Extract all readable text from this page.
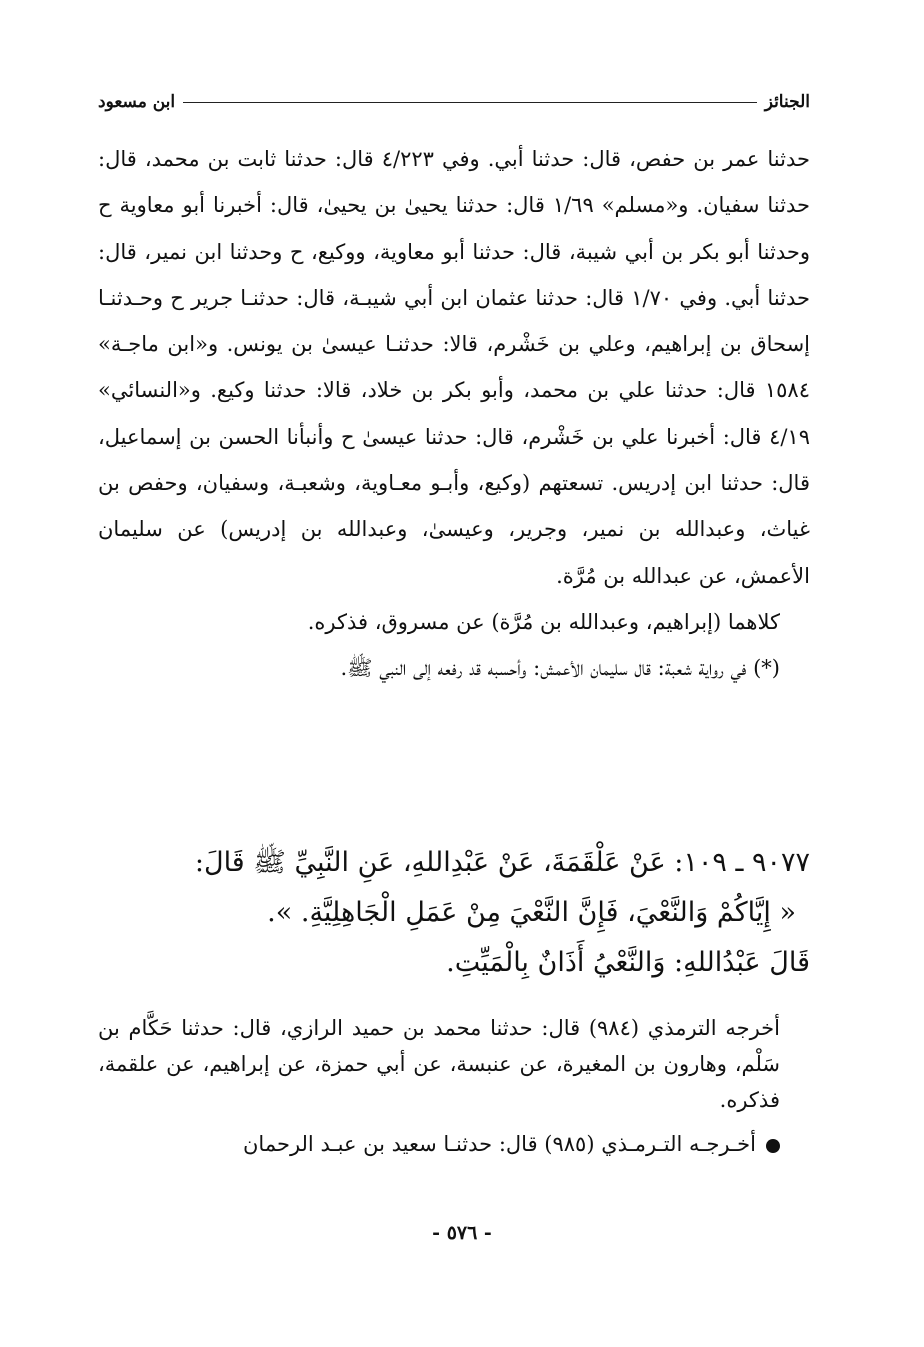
الجنائز
ابن مسعود

حدثنا عمر بن حفص، قال: حدثنا أبي. وفي ٤/٢٢٣ قال: حدثنا ثابت بن محمد، قال: حدثنا سفيان. و«مسلم» ١/٦٩ قال: حدثنا يحيىٰ بن يحيىٰ، قال: أخبرنا أبو معاوية ح وحدثنا أبو بكر بن أبي شيبة، قال: حدثنا أبو معاوية، ووكيع، ح وحدثنا ابن نمير، قال: حدثنا أبي. وفي ١/٧٠ قال: حدثنا عثمان ابن أبي شيبـة، قال: حدثنـا جرير ح وحـدثنـا إسحاق بن إبراهيم، وعلي بن خَشْرم، قالا: حدثنـا عيسىٰ بن يونس. و«ابن ماجـة» ١٥٨٤ قال: حدثنا علي بن محمد، وأبو بكر بن خلاد، قالا: حدثنا وكيع. و«النسائي» ٤/١٩ قال: أخبرنا علي بن خَشْرم، قال: حدثنا عيسىٰ ح وأنبأنا الحسن بن إسماعيل، قال: حدثنا ابن إدريس. تسعتهم (وكيع، وأبـو معـاوية، وشعبـة، وسفيان، وحفص بن غياث، وعبدالله بن نمير، وجرير، وعيسىٰ، وعبدالله بن إدريس) عن سليمان الأعمش، عن عبدالله بن مُرَّة.

كلاهما (إبراهيم، وعبدالله بن مُرَّة) عن مسروق، فذكره.

(*) في رواية شعبة: قال سليمان الأعمش: وأحسبه قد رفعه إلى النبي ﷺ.

٩٠٧٧ ـ ١٠٩: عَنْ عَلْقَمَةَ، عَنْ عَبْدِاللهِ، عَنِ النَّبِيِّ ﷺ قَالَ:

« إِيَّاكُمْ وَالنَّعْيَ، فَإِنَّ النَّعْيَ مِنْ عَمَلِ الْجَاهِلِيَّةِ. ».

قَالَ عَبْدُاللهِ: وَالنَّعْيُ أَذَانٌ بِالْمَيِّتِ.

أخرجه الترمذي (٩٨٤) قال: حدثنا محمد بن حميد الرازي، قال: حدثنا حَكَّام بن سَلْم، وهارون بن المغيرة، عن عنبسة، عن أبي حمزة، عن إبراهيم، عن علقمة، فذكره.

أخـرجـه التـرمـذي (٩٨٥) قال: حدثنـا سعيد بن عبـد الرحمان

- ٥٧٦ -
